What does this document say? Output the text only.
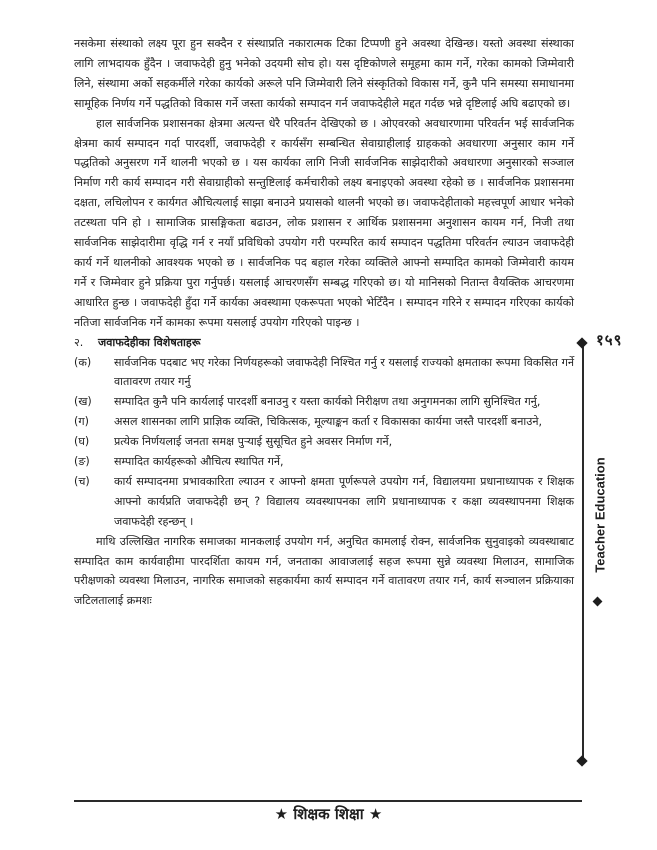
नसकेमा संस्थाको लक्ष्य पूरा हुन सक्दैन र संस्थाप्रति नकारात्मक टिका टिप्पणी हुने अवस्था देखिन्छ। यस्तो अवस्था संस्थाका लागि लाभदायक हुँदैन । जवाफदेही हुनु भनेको उदयमी सोच हो। यस दृष्टिकोणले समूहमा काम गर्ने, गरेका कामको जिम्मेवारी लिने, संस्थामा अर्को सहकर्मीले गरेका कार्यको अरूले पनि जिम्मेवारी लिने संस्कृतिको विकास गर्ने, कुनै पनि समस्या समाधानमा सामूहिक निर्णय गर्ने पद्धतिको विकास गर्ने जस्ता कार्यको सम्पादन गर्न जवाफदेहीले मद्दत गर्दछ भन्ने दृष्टिलाई अघि बढाएको छ।

हाल सार्वजनिक प्रशासनका क्षेत्रमा अत्यन्त धेरै परिवर्तन देखिएको छ । ओएवरको अवधारणामा परिवर्तन भई सार्वजनिक क्षेत्रमा कार्य सम्पादन गर्दा पारदर्शी, जवाफदेही र कार्यसँग सम्बन्धित सेवाग्राहीलाई ग्राहकको अवधारणा अनुसार काम गर्ने पद्धतिको अनुसरण गर्ने थालनी भएको छ । यस कार्यका लागि निजी सार्वजनिक साझेदारीको अवधारणा अनुसारको सञ्जाल निर्माण गरी कार्य सम्पादन गरी सेवाग्राहीको सन्तुष्टिलाई कर्मचारीको लक्ष्य बनाइएको अवस्था रहेको छ । सार्वजनिक प्रशासनमा दक्षता, लचिलोपन र कार्यगत औचित्यलाई साझा बनाउने प्रयासको थालनी भएको छ। जवाफदेहीताको महत्त्वपूर्ण आधार भनेको तटस्थता पनि हो । सामाजिक प्रासङ्गिकता बढाउन, लोक प्रशासन र आर्थिक प्रशासनमा अनुशासन कायम गर्न, निजी तथा सार्वजनिक साझेदारीमा वृद्धि गर्न र नयाँ प्रविधिको उपयोग गरी परम्परित कार्य सम्पादन पद्धतिमा परिवर्तन ल्याउन जवाफदेही कार्य गर्ने थालनीको आवश्यक भएको छ । सार्वजनिक पद बहाल गरेका व्यक्तिले आफ्नो सम्पादित कामको जिम्मेवारी कायम गर्ने र जिम्मेवार हुने प्रक्रिया पुरा गर्नुपर्छ। यसलाई आचरणसँग सम्बद्ध गरिएको छ। यो मानिसको नितान्त वैयक्तिक आचरणमा आधारित हुन्छ । जवाफदेही हुँदा गर्ने कार्यका अवस्थामा एकरूपता भएको भेटिँदैन । सम्पादन गरिने र सम्पादन गरिएका कार्यको नतिजा सार्वजनिक गर्ने कामका रूपमा यसलाई उपयोग गरिएको पाइन्छ ।

२. जवाफदेहीका विशेषताहरू

(क) सार्वजनिक पदबाट भए गरेका निर्णयहरूको जवाफदेही निश्चित गर्नु र यसलाई राज्यको क्षमताका रूपमा विकसित गर्ने वातावरण तयार गर्नु
(ख) सम्पादित कुनै पनि कार्यलाई पारदर्शी बनाउनु र यस्ता कार्यको निरीक्षण तथा अनुगमनका लागि सुनिश्चित गर्नु,
(ग) असल शासनका लागि प्राज्ञिक व्यक्ति, चिकित्सक, मूल्याङ्कन कर्ता र विकासका कार्यमा जस्तै पारदर्शी बनाउने,
(घ) प्रत्येक निर्णयलाई जनता समक्ष पुर्‍याई सुसूचित हुने अवसर निर्माण गर्ने,
(ङ) सम्पादित कार्यहरूको औचित्य स्थापित गर्ने,
(च) कार्य सम्पादनमा प्रभावकारिता ल्याउन र आफ्नो क्षमता पूर्णरूपले उपयोग गर्न, विद्यालयमा प्रधानाध्यापक र शिक्षक आफ्नो कार्यप्रति जवाफदेही छन् ? विद्यालय व्यवस्थापनका लागि प्रधानाध्यापक र कक्षा व्यवस्थापनमा शिक्षक जवाफदेही रहन्छन् ।

माथि उल्लिखित नागरिक समाजका मानकलाई उपयोग गर्न, अनुचित कामलाई रोक्न, सार्वजनिक सुनुवाइको व्यवस्थाबाट सम्पादित काम कार्यवाहीमा पारदर्शिता कायम गर्न, जनताका आवाजलाई सहज रूपमा सुन्ने व्यवस्था मिलाउन, सामाजिक परीक्षणको व्यवस्था मिलाउन, नागरिक समाजको सहकार्यमा कार्य सम्पादन गर्ने वातावरण तयार गर्न, कार्य सञ्चालन प्रक्रियाका जटिलतालाई क्रमशः

१५९
Teacher Education
★ शिक्षक शिक्षा ★
